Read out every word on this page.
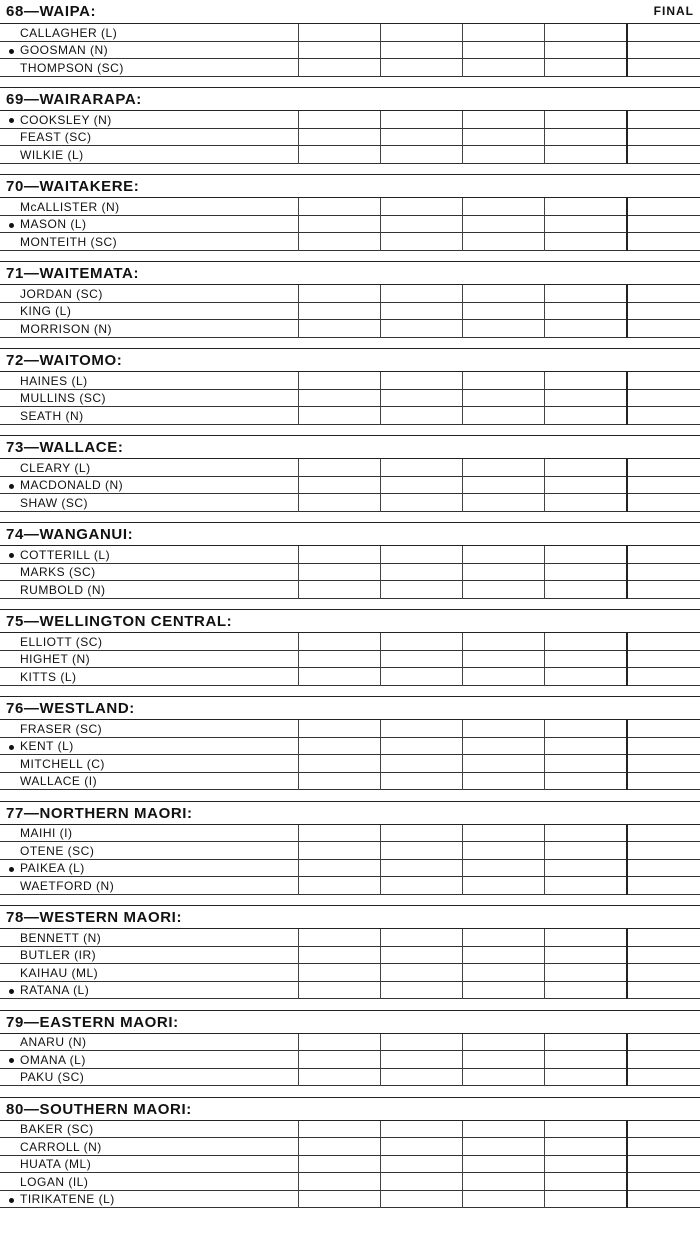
FINAL
68—WAIPA:
CALLAGHER (L)
GOOSMAN (N)
THOMPSON (SC)
69—WAIRARAPA:
COOKSLEY (N)
FEAST (SC)
WILKIE (L)
70—WAITAKERE:
McALLISTER (N)
MASON (L)
MONTEITH (SC)
71—WAITEMATA:
JORDAN (SC)
KING (L)
MORRISON (N)
72—WAITOMO:
HAINES (L)
MULLINS (SC)
SEATH (N)
73—WALLACE:
CLEARY (L)
MACDONALD (N)
SHAW (SC)
74—WANGANUI:
COTTERILL (L)
MARKS (SC)
RUMBOLD (N)
75—WELLINGTON CENTRAL:
ELLIOTT (SC)
HIGHET (N)
KITTS (L)
76—WESTLAND:
FRASER (SC)
KENT (L)
MITCHELL (C)
WALLACE (I)
77—NORTHERN MAORI:
MAIHI (I)
OTENE (SC)
PAIKEA (L)
WAETFORD (N)
78—WESTERN MAORI:
BENNETT (N)
BUTLER (IR)
KAIHAU (ML)
RATANA (L)
79—EASTERN MAORI:
ANARU (N)
OMANA (L)
PAKU (SC)
80—SOUTHERN MAORI:
BAKER (SC)
CARROLL (N)
HUATA (ML)
LOGAN (IL)
TIRIKATENE (L)
